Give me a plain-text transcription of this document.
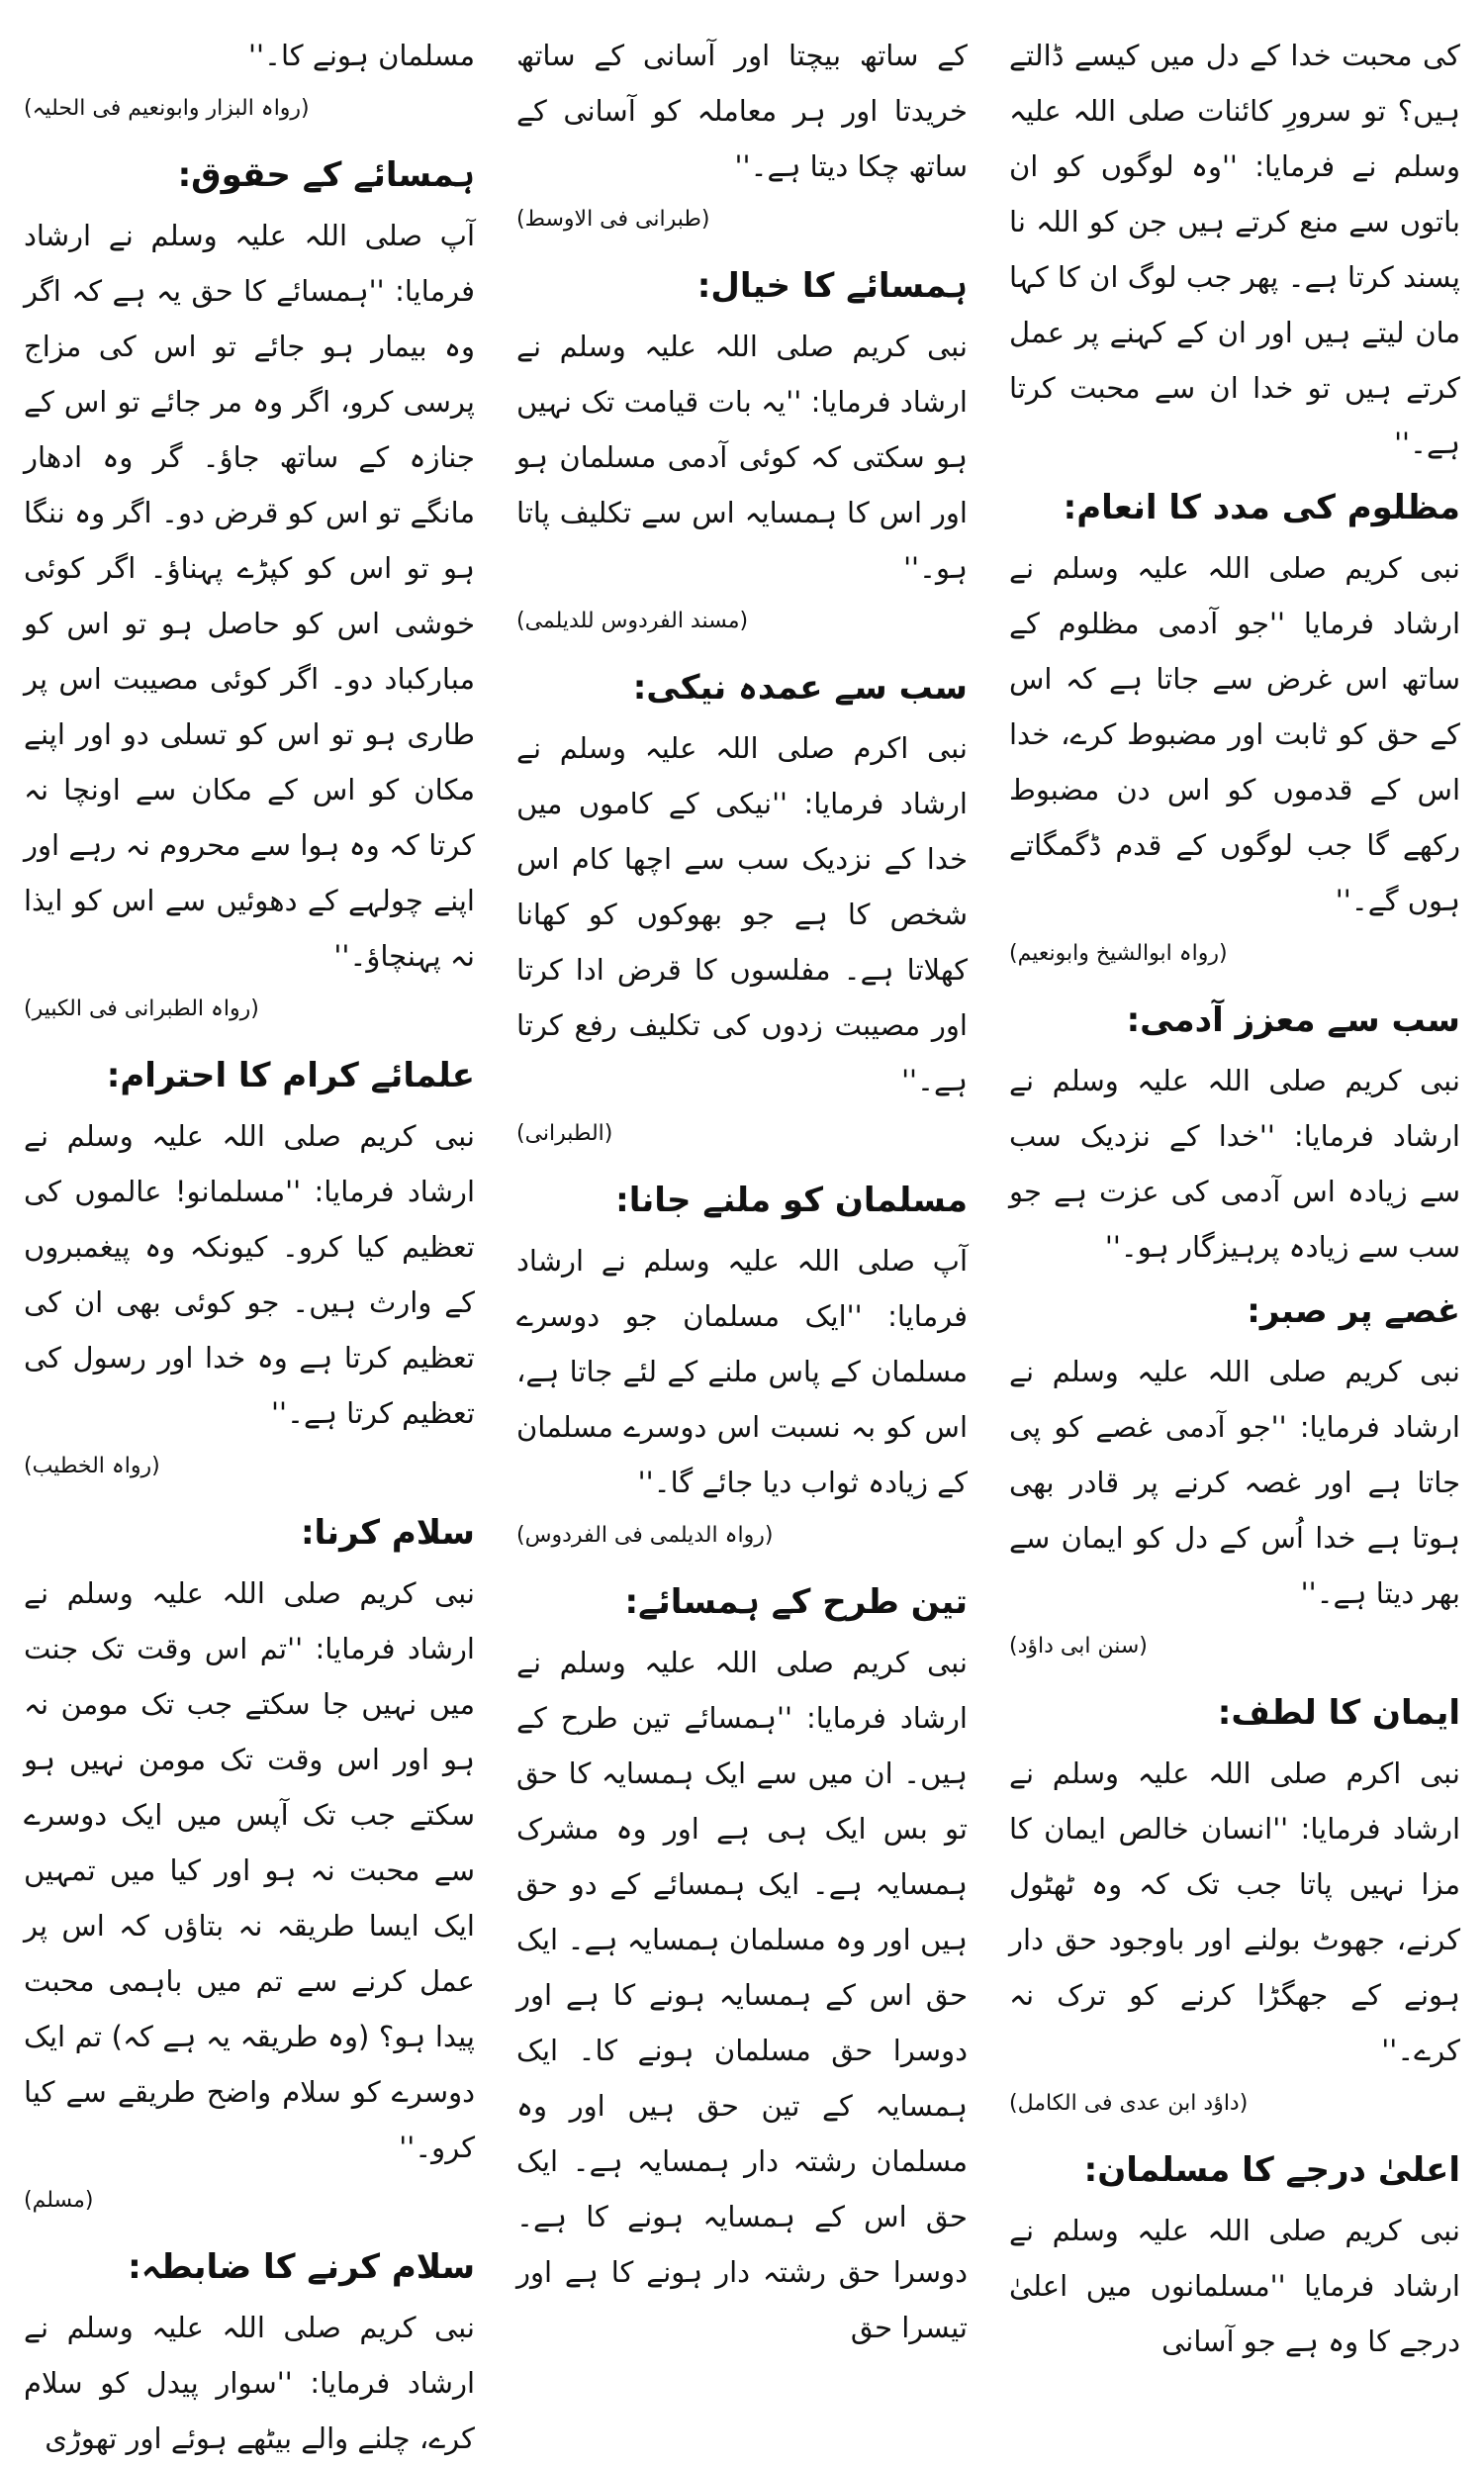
کی محبت خدا کے دل میں کیسے ڈالتے ہیں؟ تو سرورِ کائنات صلی اللہ علیہ وسلم نے فرمایا: ''وہ لوگوں کو ان باتوں سے منع کرتے ہیں جن کو اللہ نا پسند کرتا ہے۔ پھر جب لوگ ان کا کہا مان لیتے ہیں اور ان کے کہنے پر عمل کرتے ہیں تو خدا ان سے محبت کرتا ہے۔''

مظلوم کی مدد کا انعام:

نبی کریم صلی اللہ علیہ وسلم نے ارشاد فرمایا ''جو آدمی مظلوم کے ساتھ اس غرض سے جاتا ہے کہ اس کے حق کو ثابت اور مضبوط کرے، خدا اس کے قدموں کو اس دن مضبوط رکھے گا جب لوگوں کے قدم ڈگمگاتے ہوں گے۔''

(رواہ ابوالشیخ وابونعیم)
سب سے معزز آدمی:

نبی کریم صلی اللہ علیہ وسلم نے ارشاد فرمایا: ''خدا کے نزدیک سب سے زیادہ اس آدمی کی عزت ہے جو سب سے زیادہ پرہیزگار ہو۔''

غصے پر صبر:

نبی کریم صلی اللہ علیہ وسلم نے ارشاد فرمایا: ''جو آدمی غصے کو پی جاتا ہے اور غصہ کرنے پر قادر بھی ہوتا ہے خدا اُس کے دل کو ایمان سے بھر دیتا ہے۔''

(سنن ابی داؤد)
ایمان کا لطف:

نبی اکرم صلی اللہ علیہ وسلم نے ارشاد فرمایا: ''انسان خالص ایمان کا مزا نہیں پاتا جب تک کہ وہ ٹھٹول کرنے، جھوٹ بولنے اور باوجود حق دار ہونے کے جھگڑا کرنے کو ترک نہ کرے۔''

(داؤد ابن عدی فی الکامل)
اعلیٰ درجے کا مسلمان:

نبی کریم صلی اللہ علیہ وسلم نے ارشاد فرمایا ''مسلمانوں میں اعلیٰ درجے کا وہ ہے جو آسانی

کے ساتھ بیچتا اور آسانی کے ساتھ خریدتا اور ہر معاملہ کو آسانی کے ساتھ چکا دیتا ہے۔''

(طبرانی فی الاوسط)
ہمسائے کا خیال:

نبی کریم صلی اللہ علیہ وسلم نے ارشاد فرمایا: ''یہ بات قیامت تک نہیں ہو سکتی کہ کوئی آدمی مسلمان ہو اور اس کا ہمسایہ اس سے تکلیف پاتا ہو۔''

(مسند الفردوس للدیلمی)
سب سے عمدہ نیکی:

نبی اکرم صلی اللہ علیہ وسلم نے ارشاد فرمایا: ''نیکی کے کاموں میں خدا کے نزدیک سب سے اچھا کام اس شخص کا ہے جو بھوکوں کو کھانا کھلاتا ہے۔ مفلسوں کا قرض ادا کرتا اور مصیبت زدوں کی تکلیف رفع کرتا ہے۔''

(الطبرانی)
مسلمان کو ملنے جانا:

آپ صلی اللہ علیہ وسلم نے ارشاد فرمایا: ''ایک مسلمان جو دوسرے مسلمان کے پاس ملنے کے لئے جاتا ہے، اس کو بہ نسبت اس دوسرے مسلمان کے زیادہ ثواب دیا جائے گا۔''

(رواہ الدیلمی فی الفردوس)
تین طرح کے ہمسائے:

نبی کریم صلی اللہ علیہ وسلم نے ارشاد فرمایا: ''ہمسائے تین طرح کے ہیں۔ ان میں سے ایک ہمسایہ کا حق تو بس ایک ہی ہے اور وہ مشرک ہمسایہ ہے۔ ایک ہمسائے کے دو حق ہیں اور وہ مسلمان ہمسایہ ہے۔ ایک حق اس کے ہمسایہ ہونے کا ہے اور دوسرا حق مسلمان ہونے کا۔ ایک ہمسایہ کے تین حق ہیں اور وہ مسلمان رشتہ دار ہمسایہ ہے۔ ایک حق اس کے ہمسایہ ہونے کا ہے۔ دوسرا حق رشتہ دار ہونے کا ہے اور تیسرا حق

مسلمان ہونے کا۔''

(رواہ البزار وابونعیم فی الحلیہ)
ہمسائے کے حقوق:

آپ صلی اللہ علیہ وسلم نے ارشاد فرمایا: ''ہمسائے کا حق یہ ہے کہ اگر وہ بیمار ہو جائے تو اس کی مزاج پرسی کرو، اگر وہ مر جائے تو اس کے جنازہ کے ساتھ جاؤ۔ گر وہ ادھار مانگے تو اس کو قرض دو۔ اگر وہ ننگا ہو تو اس کو کپڑے پہناؤ۔ اگر کوئی خوشی اس کو حاصل ہو تو اس کو مبارکباد دو۔ اگر کوئی مصیبت اس پر طاری ہو تو اس کو تسلی دو اور اپنے مکان کو اس کے مکان سے اونچا نہ کرتا کہ وہ ہوا سے محروم نہ رہے اور اپنے چولہے کے دھوئیں سے اس کو ایذا نہ پہنچاؤ۔''

(رواہ الطبرانی فی الکبیر)
علمائے کرام کا احترام:

نبی کریم صلی اللہ علیہ وسلم نے ارشاد فرمایا: ''مسلمانو! عالموں کی تعظیم کیا کرو۔ کیونکہ وہ پیغمبروں کے وارث ہیں۔ جو کوئی بھی ان کی تعظیم کرتا ہے وہ خدا اور رسول کی تعظیم کرتا ہے۔''

(رواہ الخطیب)
سلام کرنا:

نبی کریم صلی اللہ علیہ وسلم نے ارشاد فرمایا: ''تم اس وقت تک جنت میں نہیں جا سکتے جب تک مومن نہ ہو اور اس وقت تک مومن نہیں ہو سکتے جب تک آپس میں ایک دوسرے سے محبت نہ ہو اور کیا میں تمہیں ایک ایسا طریقہ نہ بتاؤں کہ اس پر عمل کرنے سے تم میں باہمی محبت پیدا ہو؟ (وہ طریقہ یہ ہے کہ) تم ایک دوسرے کو سلام واضح طریقے سے کیا کرو۔''

(مسلم)
سلام کرنے کا ضابطہ:

نبی کریم صلی اللہ علیہ وسلم نے ارشاد فرمایا: ''سوار پیدل کو سلام کرے، چلنے والے بیٹھے ہوئے اور تھوڑی
